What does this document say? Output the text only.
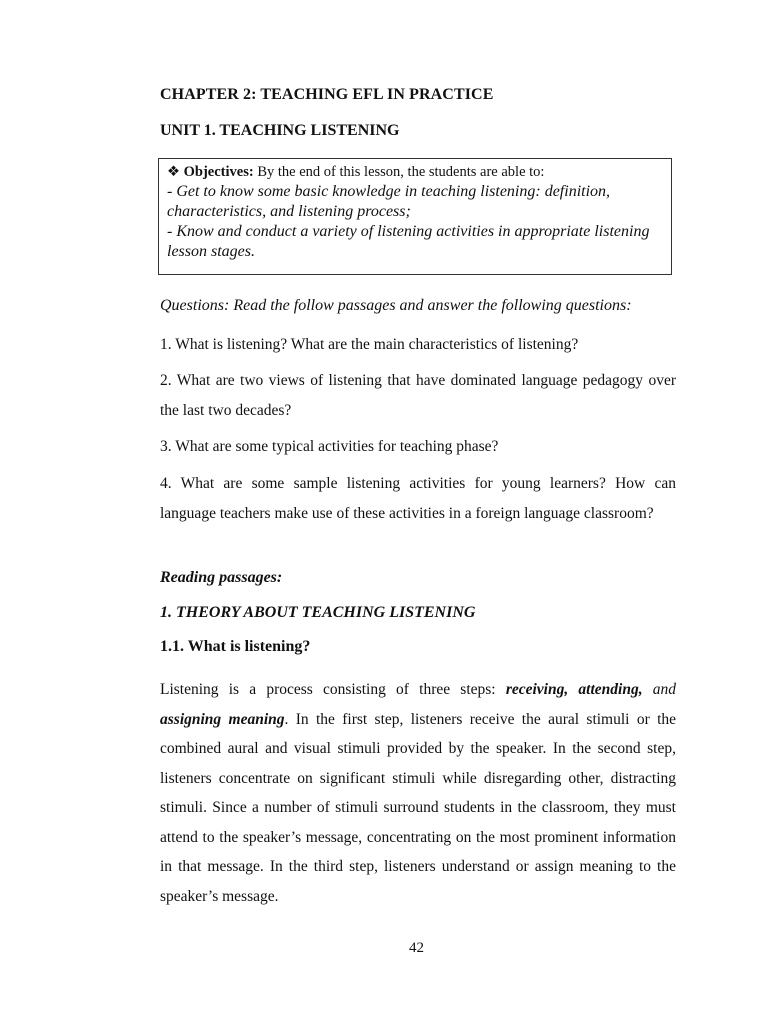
CHAPTER 2: TEACHING EFL IN PRACTICE
UNIT 1. TEACHING LISTENING
❖ Objectives: By the end of this lesson, the students are able to:
- Get to know some basic knowledge in teaching listening: definition, characteristics, and listening process;
- Know and conduct a variety of listening activities in appropriate listening lesson stages.
Questions: Read the follow passages and answer the following questions:
1. What is listening? What are the main characteristics of listening?
2. What are two views of listening that have dominated language pedagogy over the last two decades?
3. What are some typical activities for teaching phase?
4. What are some sample listening activities for young learners? How can language teachers make use of these activities in a foreign language classroom?
Reading passages:
1. THEORY ABOUT TEACHING LISTENING
1.1. What is listening?
Listening is a process consisting of three steps: receiving, attending, and assigning meaning. In the first step, listeners receive the aural stimuli or the combined aural and visual stimuli provided by the speaker. In the second step, listeners concentrate on significant stimuli while disregarding other, distracting stimuli. Since a number of stimuli surround students in the classroom, they must attend to the speaker’s message, concentrating on the most prominent information in that message. In the third step, listeners understand or assign meaning to the speaker’s message.
42
